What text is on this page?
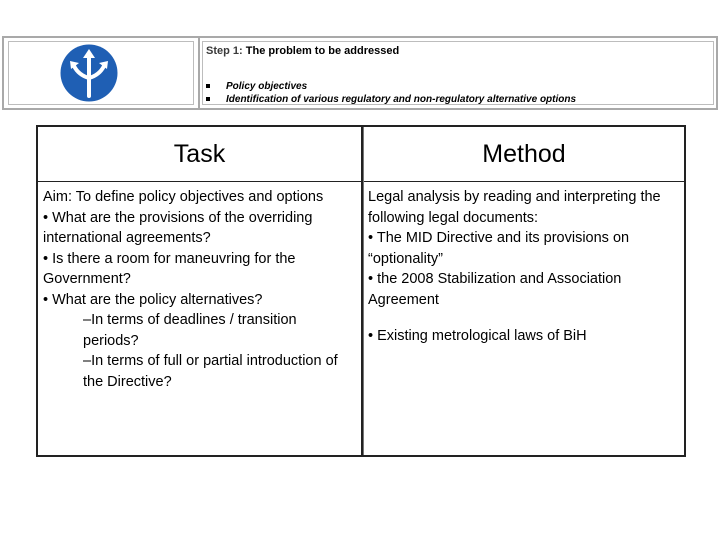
Step 1: The problem to be addressed
Policy objectives
Identification of various regulatory and non-regulatory alternative options
Task	Method

Aim: To define policy objectives and options

• What are the provisions of the overriding international agreements?

• Is there a room for maneuvring for the Government?

• What are the policy alternatives?

–In terms of deadlines / transition periods?

–In terms of full or partial introduction of the Directive?

Legal analysis by reading and interpreting the following legal documents:

• The MID Directive and its provisions on “optionality”

• the 2008 Stabilization and Association Agreement

• Existing metrological laws of BiH
